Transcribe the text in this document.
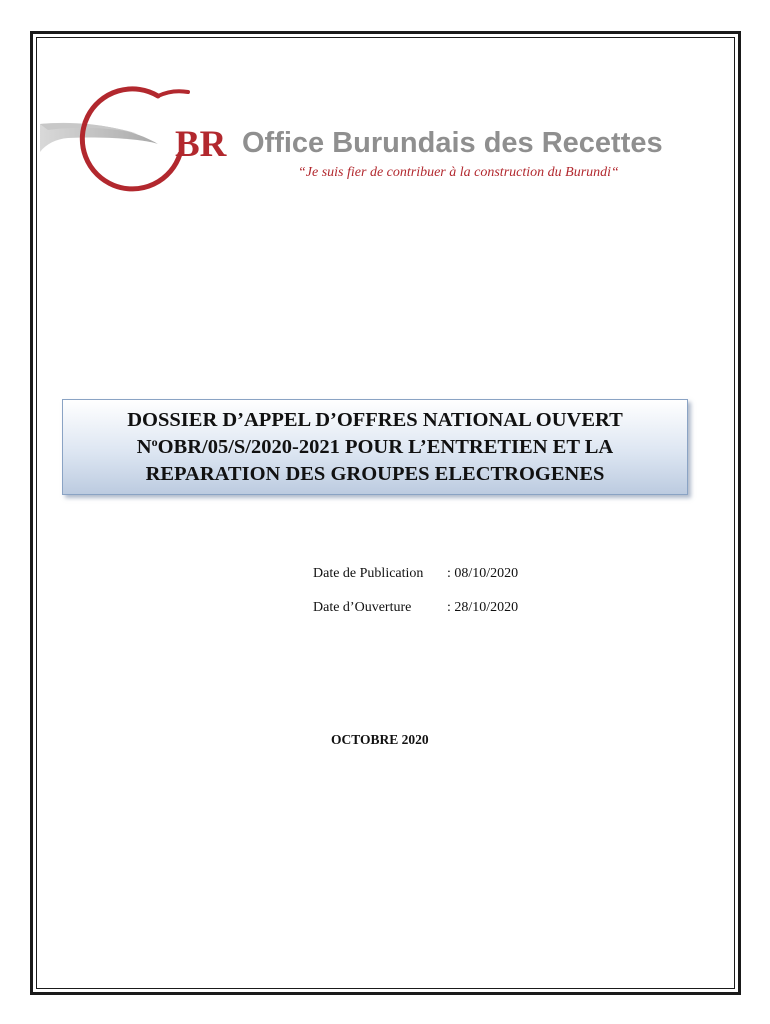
BR Office Burundais des Recettes
“Je suis fier de contribuer à la construction du Burundi“
DOSSIER D’APPEL D’OFFRES NATIONAL OUVERT
$N^oOBR/05/S/2020-2021$ POUR L’ENTRETIEN ET LA
REPARATION DES GROUPES ELECTROGENES
Date de Publication	: 08/10/2020
Date d’Ouverture	: 28/10/2020
OCTOBRE 2020
